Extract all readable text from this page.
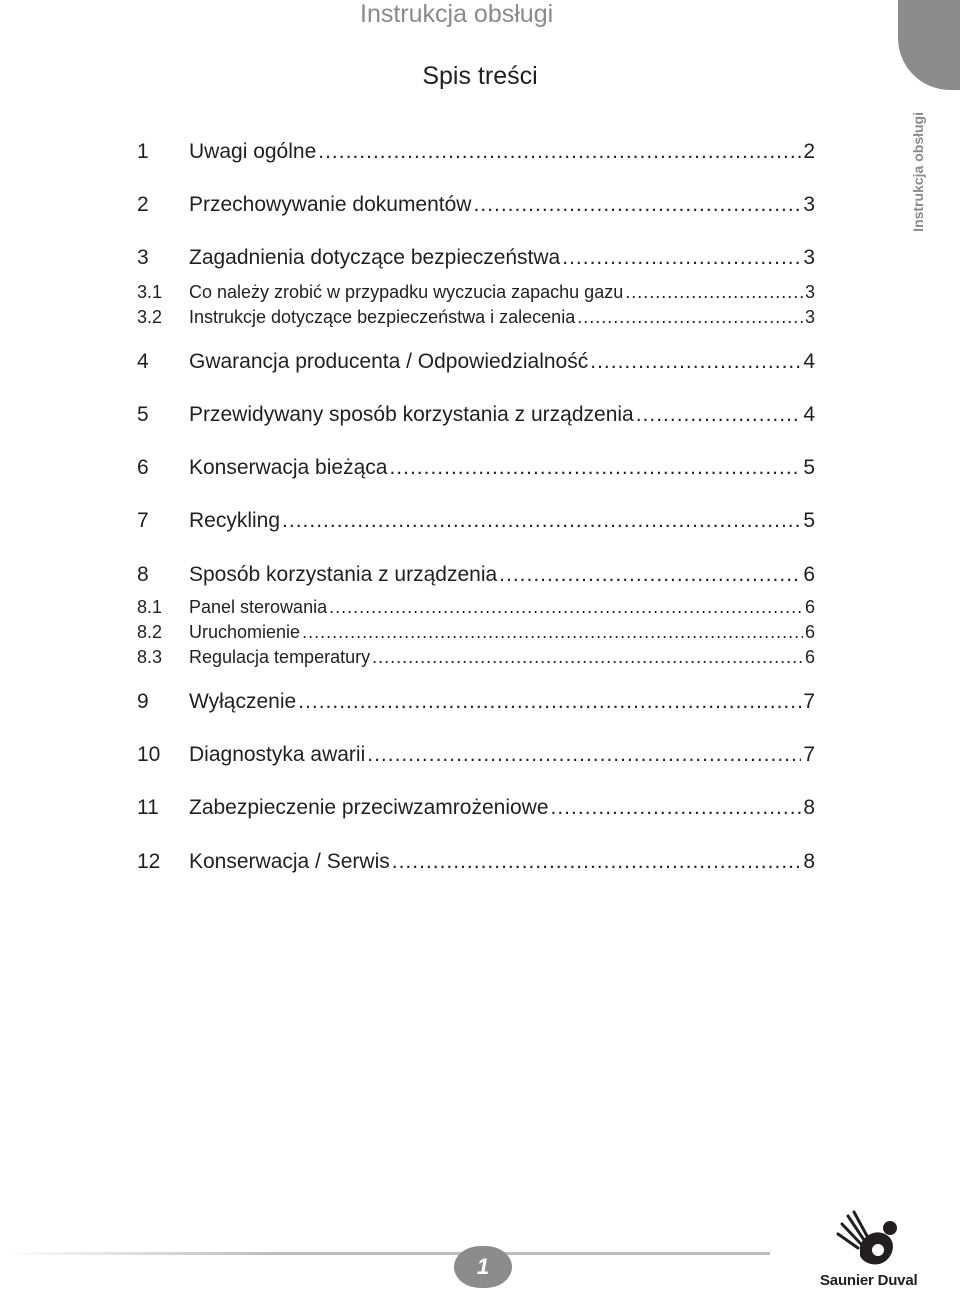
Instrukcja obsługi
Instrukcja obsługi
Spis treści
1	Uwagi ogólne .....	2
2	Przechowywanie dokumentów .....	3
3	Zagadnienia dotyczące bezpieczeństwa .....	3
3.1	Co należy zrobić w przypadku wyczucia zapachu gazu .....	3
3.2	Instrukcje dotyczące bezpieczeństwa i zalecenia .....	3
4	Gwarancja producenta / Odpowiedzialność .....	4
5	Przewidywany sposób korzystania z urządzenia .....	4
6	Konserwacja bieżąca .....	5
7	Recykling .....	5
8	Sposób korzystania z urządzenia .....	6
8.1	Panel sterowania .....	6
8.2	Uruchomienie .....	6
8.3	Regulacja temperatury .....	6
9	Wyłączenie .....	7
10	Diagnostyka awarii .....	7
11	Zabezpieczenie przeciwzamrożeniowe .....	8
12	Konserwacja / Serwis .....	8
1
Saunier Duval
